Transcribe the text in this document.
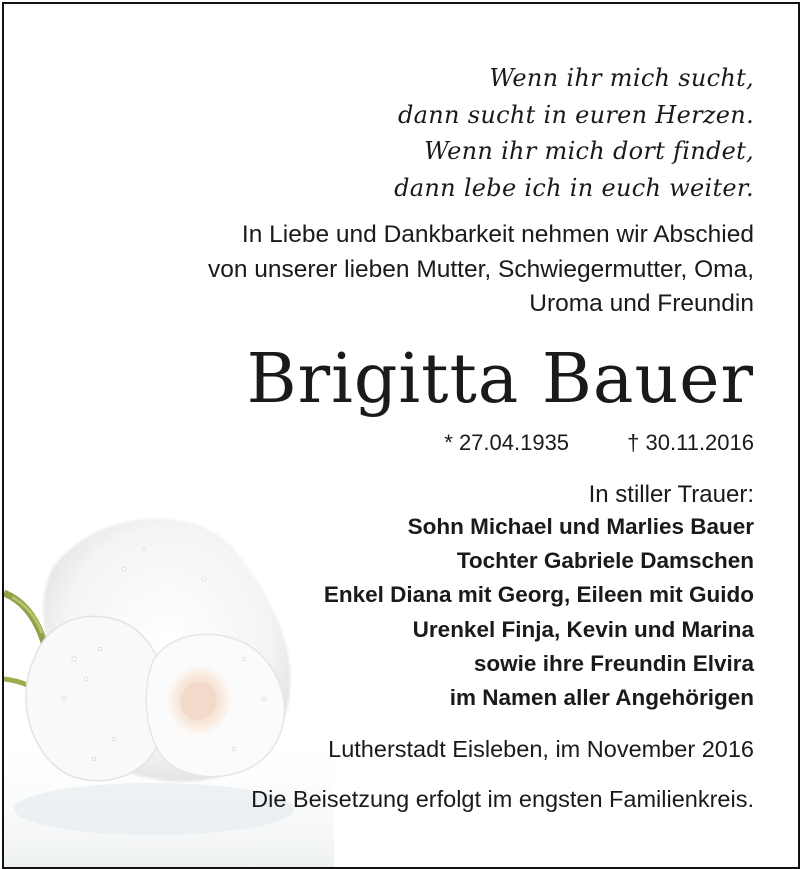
Wenn ihr mich sucht,
dann sucht in euren Herzen.
Wenn ihr mich dort findet,
dann lebe ich in euch weiter.
In Liebe und Dankbarkeit nehmen wir Abschied
von unserer lieben Mutter, Schwiegermutter, Oma,
Uroma und Freundin
Brigitta Bauer
* 27.04.1935	† 30.11.2016
In stiller Trauer:
Sohn Michael und Marlies Bauer
Tochter Gabriele Damschen
Enkel Diana mit Georg, Eileen mit Guido
Urenkel Finja, Kevin und Marina
sowie ihre Freundin Elvira
im Namen aller Angehörigen
Lutherstadt Eisleben, im November 2016
Die Beisetzung erfolgt im engsten Familienkreis.
